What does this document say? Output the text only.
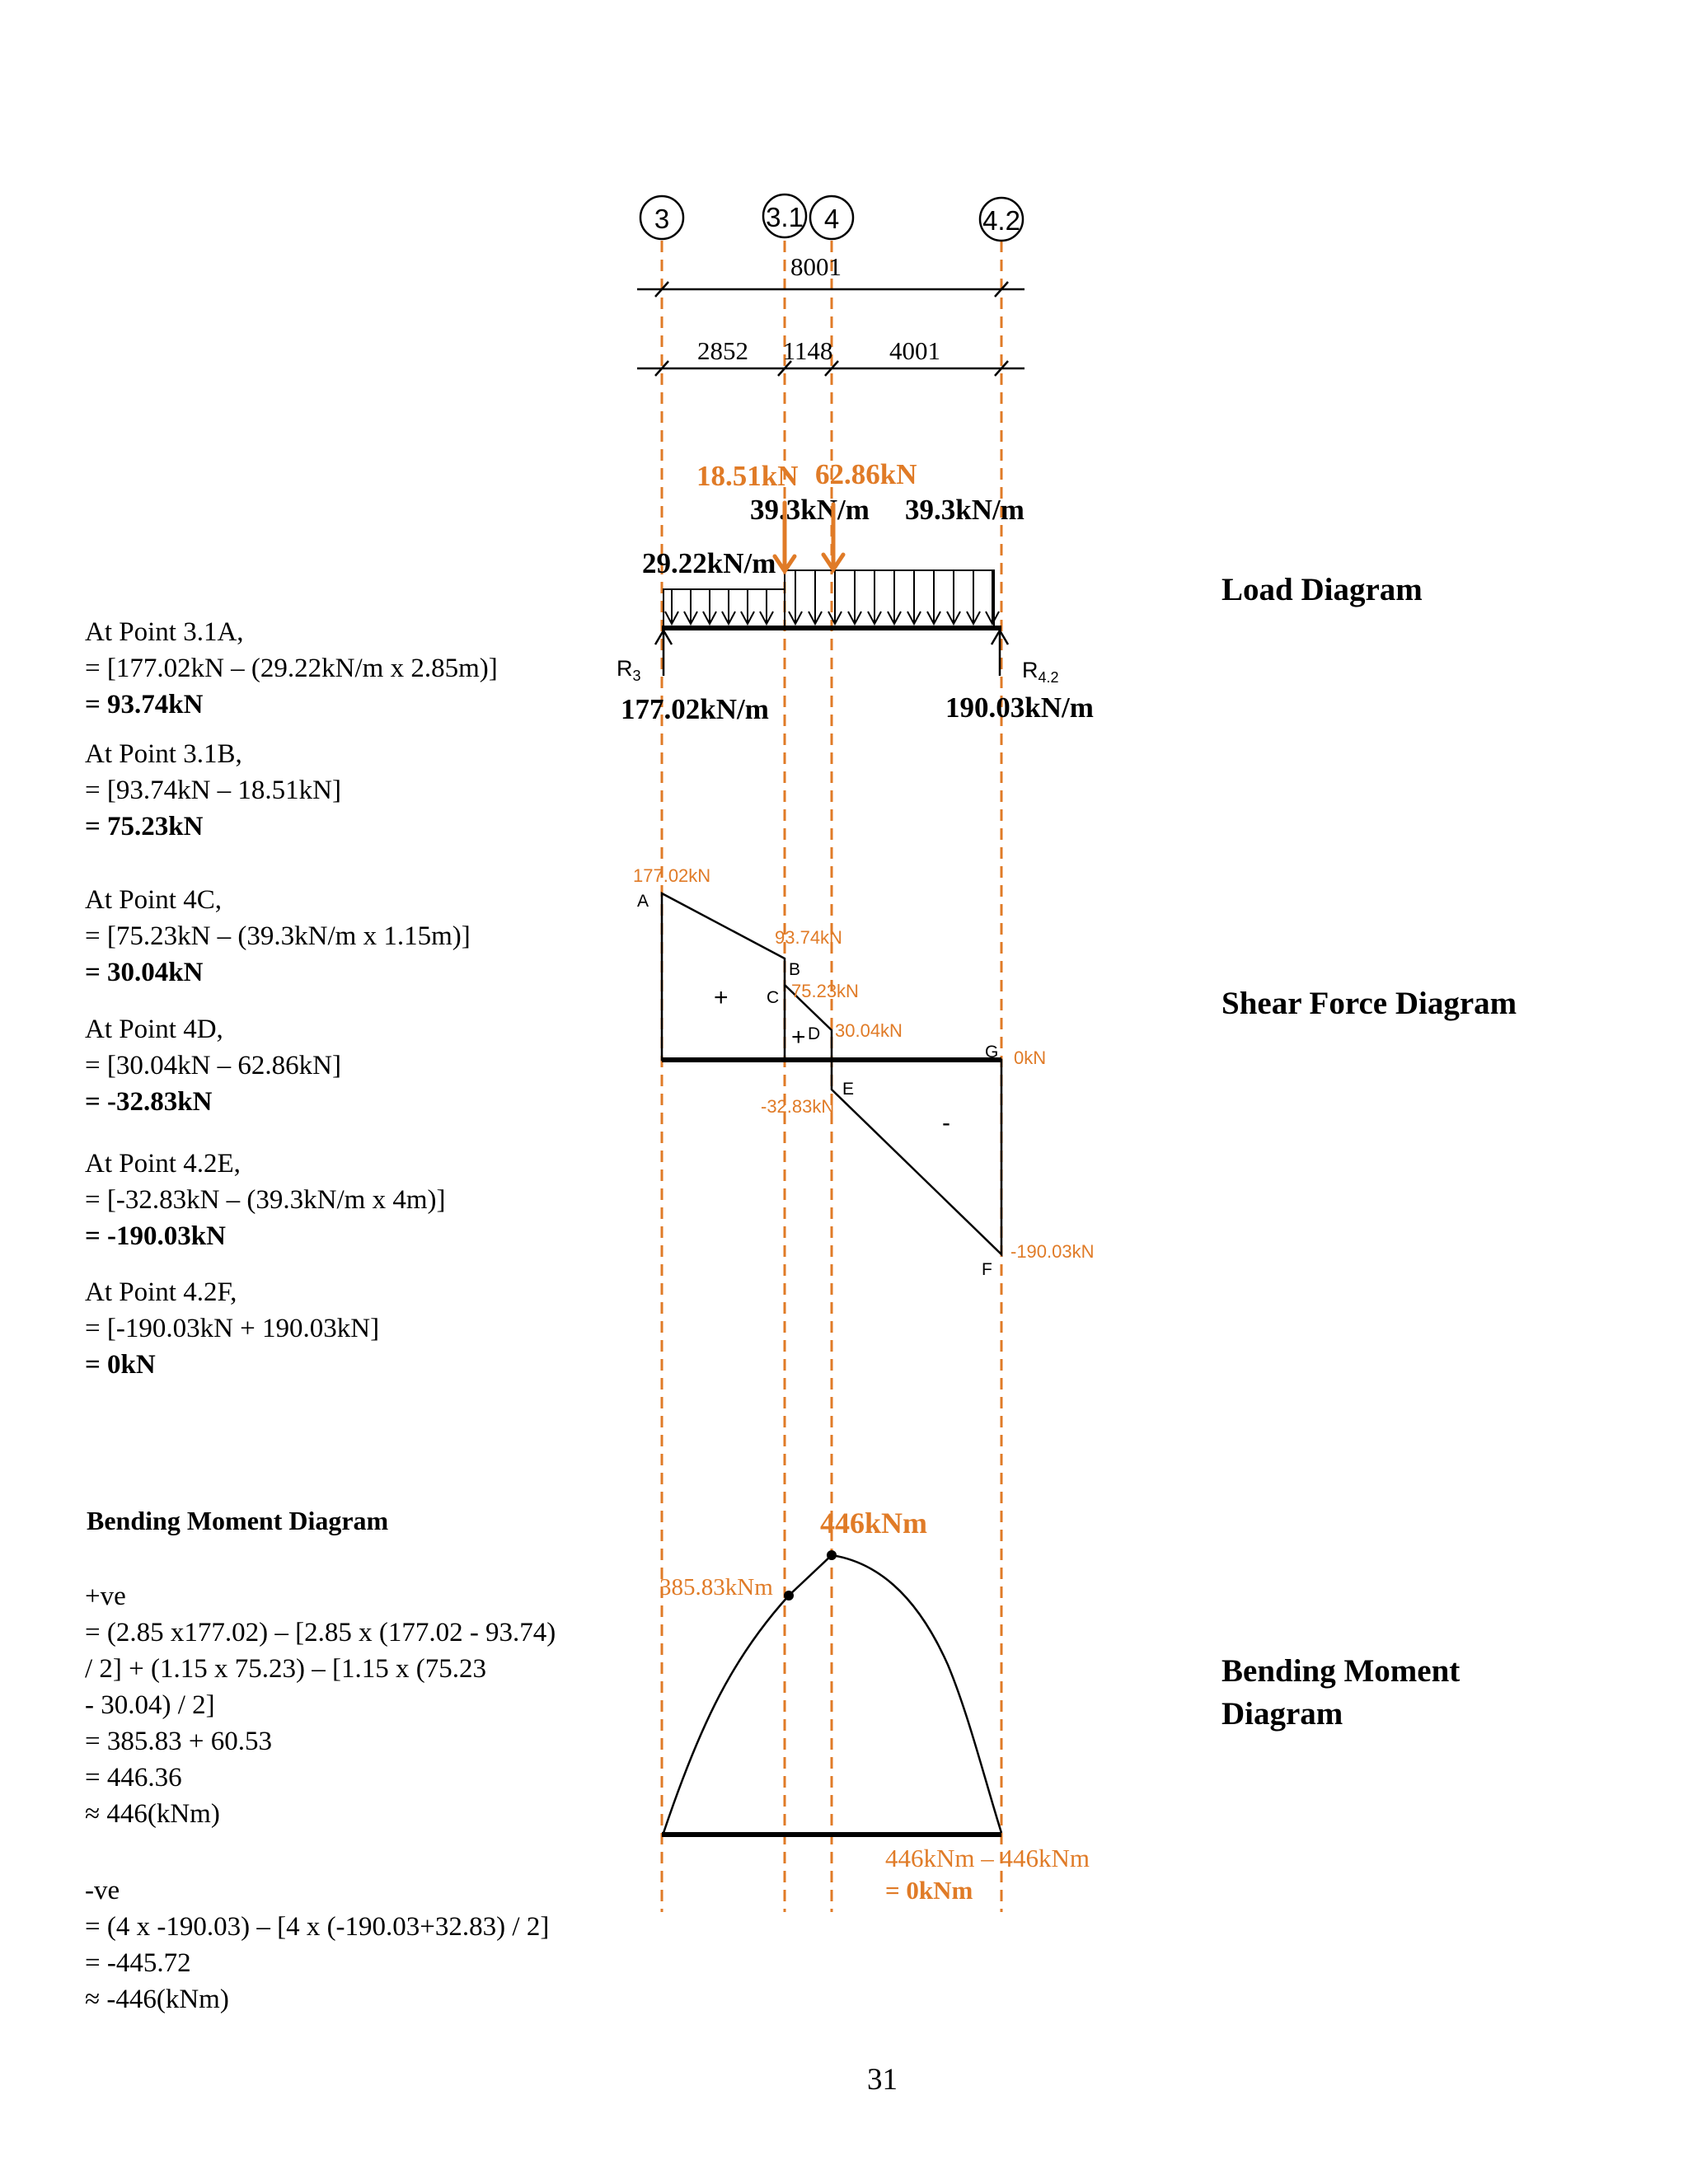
At Point 3.1A,
= [177.02kN – (29.22kN/m x 2.85m)]
= 93.74kN
At Point 3.1B,
= [93.74kN – 18.51kN]
= 75.23kN
At Point 4C,
= [75.23kN – (39.3kN/m x 1.15m)]
= 30.04kN
At Point 4D,
= [30.04kN – 62.86kN]
= -32.83kN
At Point 4.2E,
= [-32.83kN – (39.3kN/m x 4m)]
= -190.03kN
At Point 4.2F,
= [-190.03kN + 190.03kN]
= 0kN
Bending Moment Diagram
+ve
= (2.85 x177.02) – [2.85 x (177.02 - 93.74)
/ 2] + (1.15 x 75.23) – [1.15 x (75.23
- 30.04) / 2]
= 385.83 + 60.53
= 446.36
≈ 446(kNm)
-ve
= (4 x -190.03) – [4 x (-190.03+32.83) / 2]
= -445.72
≈ -446(kNm)
Load Diagram
Shear Force Diagram
Bending Moment
Diagram
31
3	3.1 4	4.2
8001
2852 1148 4001
18.51kN 62.86kN
39.3kN/m 39.3kN/m
29.22kN/m
$R_3$	$R_{4.2}$
177.02kN/m	190.03kN/m
177.02kN
93.74kN
75.23kN
30.04kN
0kN
-32.83kN
-190.03kN
A
B
C
D
G
E
F
+
+
-
446kNm
385.83kNm
446kNm – 446kNm
= 0kNm
